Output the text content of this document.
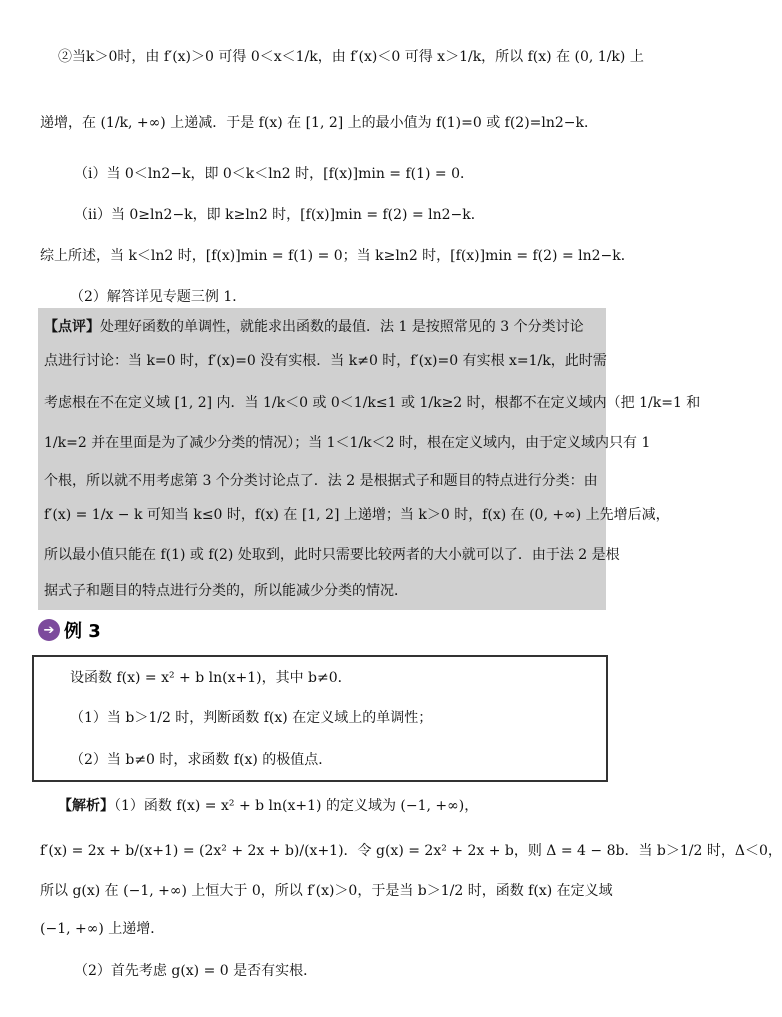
②当k＞0时，由 f′(x)＞0 可得 0＜x＜1/k，由 f′(x)＜0 可得 x＞1/k，所以 f(x) 在 (0, 1/k) 上
递增，在 (1/k, +∞) 上递减．于是 f(x) 在 [1, 2] 上的最小值为 f(1)=0 或 f(2)=ln2−k．
（i）当 0＜ln2−k，即 0＜k＜ln2 时，[f(x)]min = f(1) = 0．
（ii）当 0≥ln2−k，即 k≥ln2 时，[f(x)]min = f(2) = ln2−k．
综上所述，当 k＜ln2 时，[f(x)]min = f(1) = 0；当 k≥ln2 时，[f(x)]min = f(2) = ln2−k．
（2）解答详见专题三例 1．
【点评】处理好函数的单调性，就能求出函数的最值．法 1 是按照常见的 3 个分类讨论
点进行讨论：当 k=0 时，f′(x)=0 没有实根．当 k≠0 时，f′(x)=0 有实根 x=1/k，此时需
考虑根在不在定义域 [1, 2] 内．当 1/k＜0 或 0＜1/k≤1 或 1/k≥2 时，根都不在定义域内（把 1/k=1 和
1/k=2 并在里面是为了减少分类的情况）；当 1＜1/k＜2 时，根在定义域内，由于定义域内只有 1
个根，所以就不用考虑第 3 个分类讨论点了．法 2 是根据式子和题目的特点进行分类：由
f′(x) = 1/x − k 可知当 k≤0 时，f(x) 在 [1, 2] 上递增；当 k＞0 时，f(x) 在 (0, +∞) 上先增后减，
所以最小值只能在 f(1) 或 f(2) 处取到，此时只需要比较两者的大小就可以了．由于法 2 是根
据式子和题目的特点进行分类的，所以能减少分类的情况．
➔ 例 3
设函数 f(x) = x² + b ln(x+1)，其中 b≠0．
（1）当 b＞1/2 时，判断函数 f(x) 在定义域上的单调性；
（2）当 b≠0 时，求函数 f(x) 的极值点．
【解析】（1）函数 f(x) = x² + b ln(x+1) 的定义域为 (−1, +∞)，
f′(x) = 2x + b/(x+1) = (2x² + 2x + b)/(x+1)．令 g(x) = 2x² + 2x + b，则 Δ = 4 − 8b．当 b＞1/2 时，Δ＜0，
所以 g(x) 在 (−1, +∞) 上恒大于 0，所以 f′(x)＞0，于是当 b＞1/2 时，函数 f(x) 在定义域
(−1, +∞) 上递增．
（2）首先考虑 g(x) = 0 是否有实根．
